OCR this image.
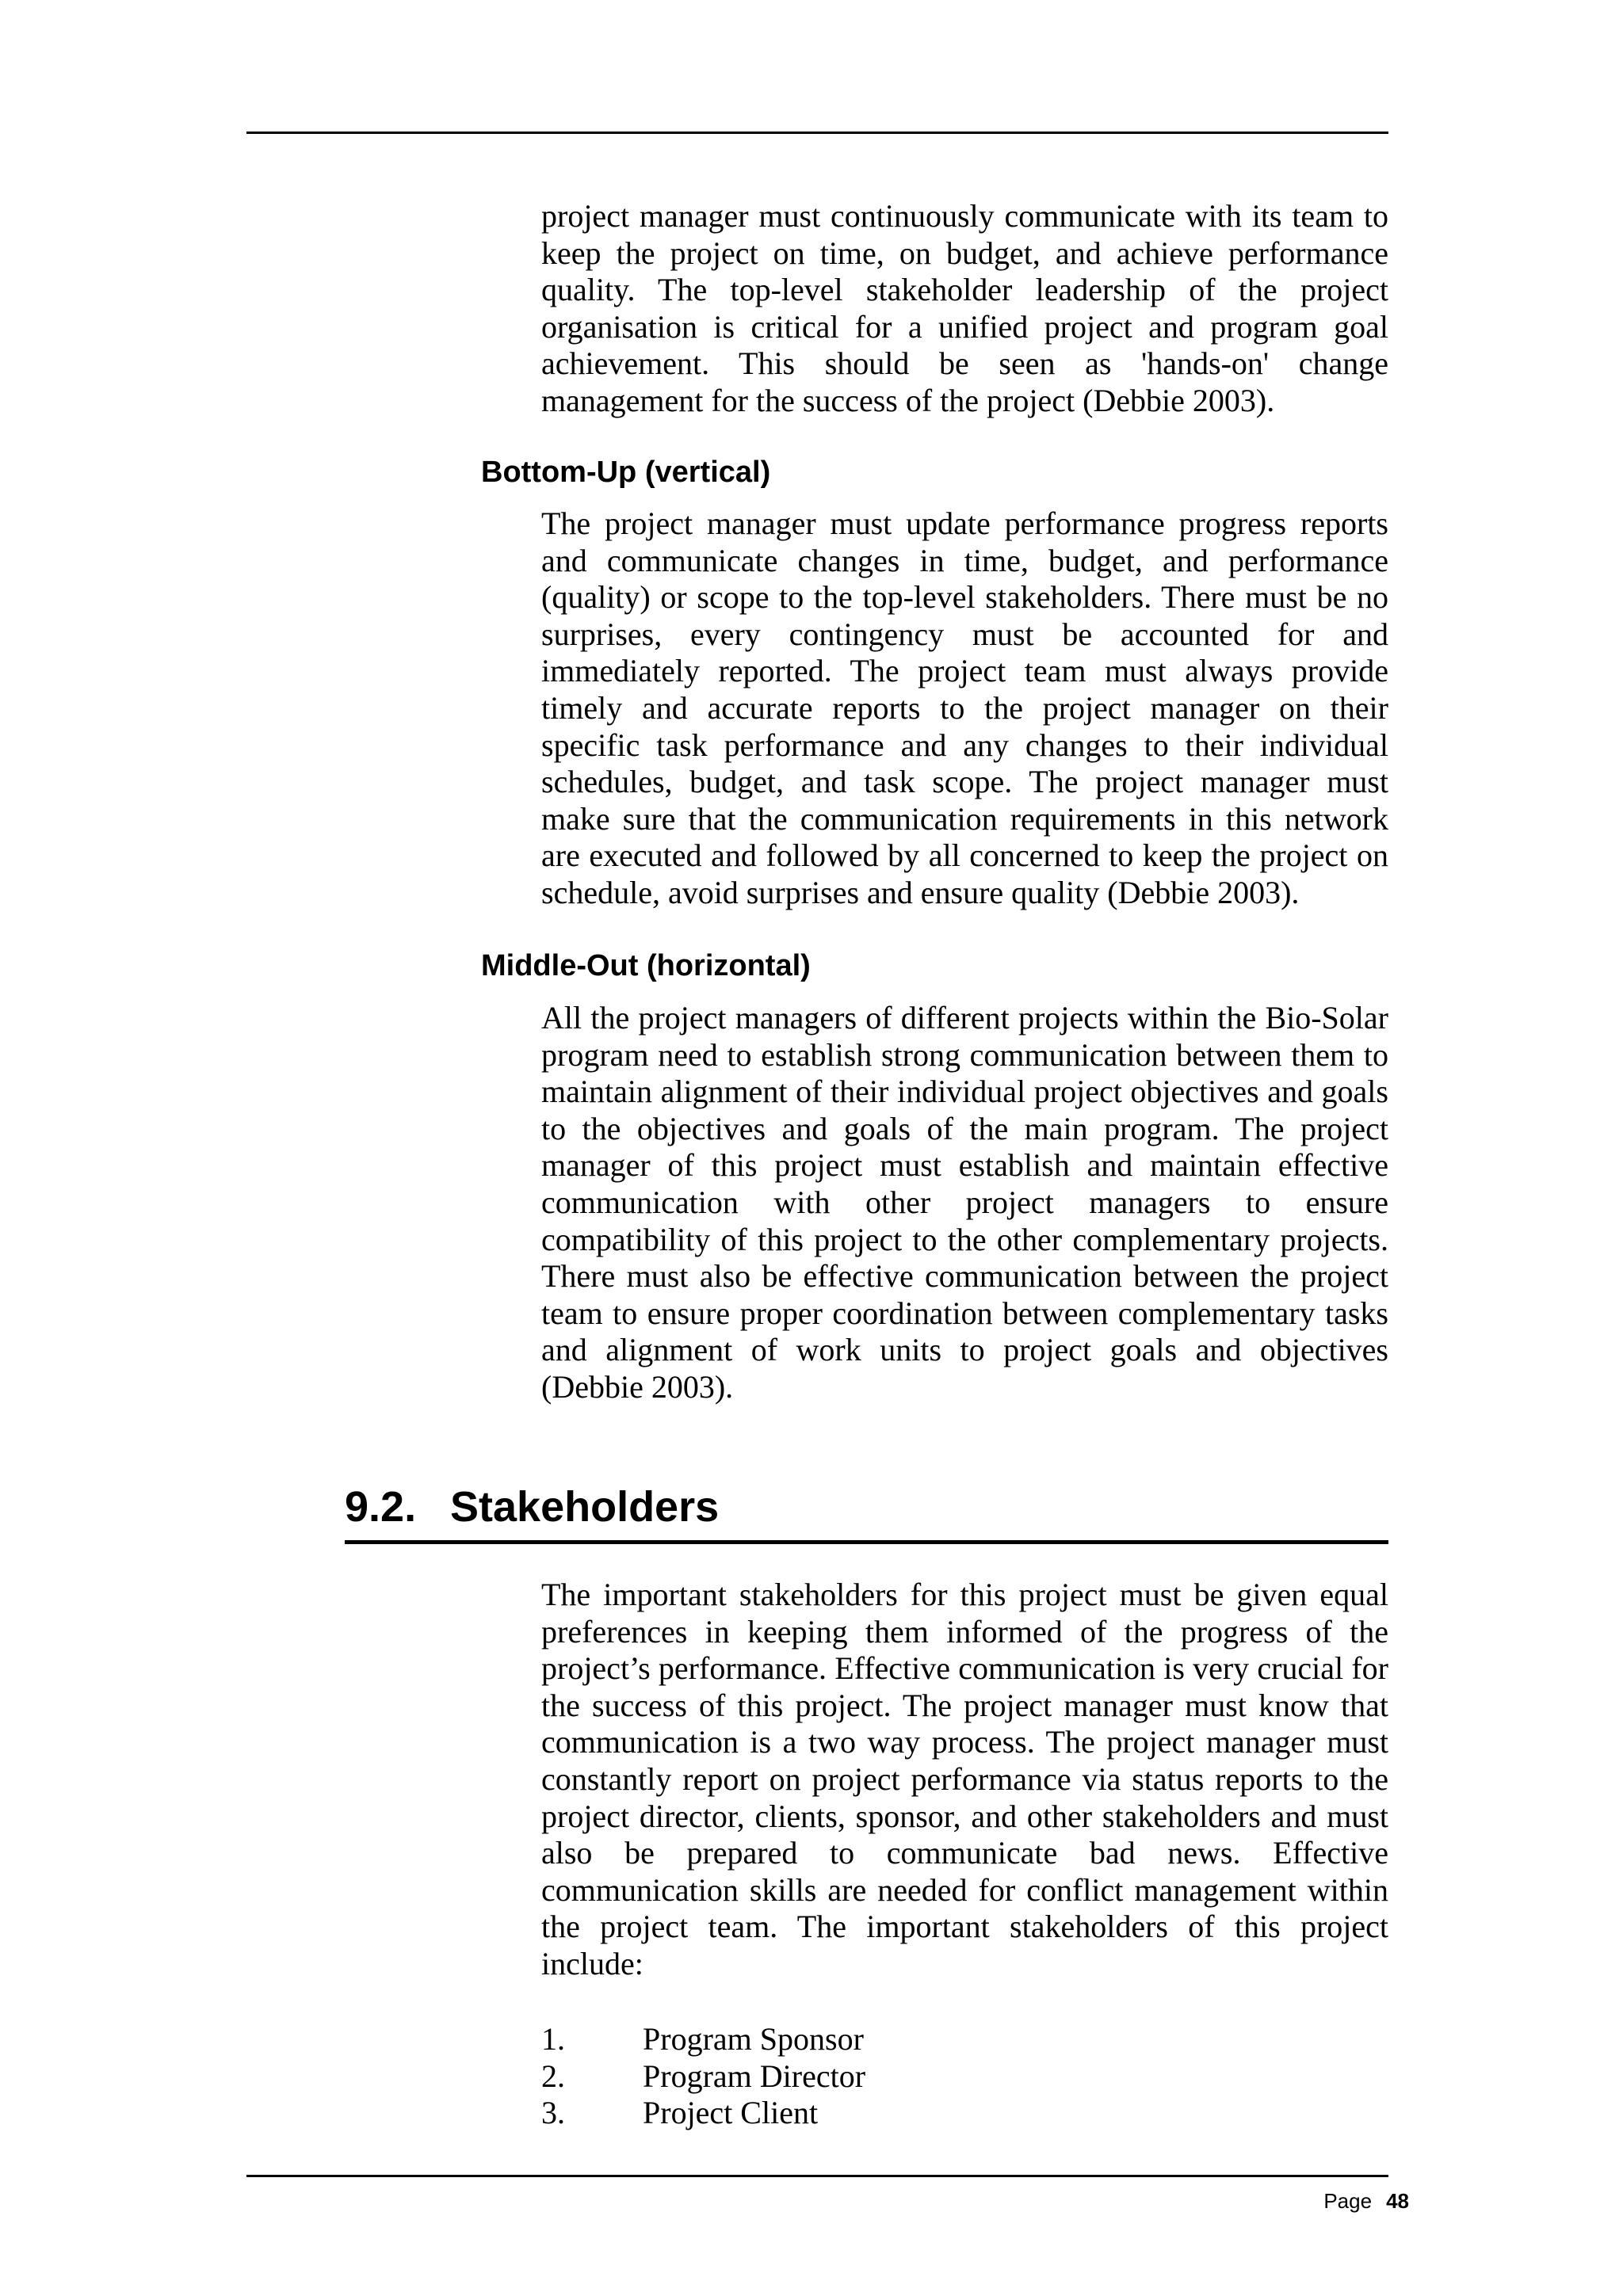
project manager must continuously communicate with its team to keep the project on time, on budget, and achieve performance quality. The top-level stakeholder leadership of the project organisation is critical for a unified project and program goal achievement. This should be seen as 'hands-on' change management for the success of the project (Debbie 2003).

Bottom-Up (vertical)

The project manager must update performance progress reports and communicate changes in time, budget, and performance (quality) or scope to the top-level stakeholders. There must be no surprises, every contingency must be accounted for and immediately reported. The project team must always provide timely and accurate reports to the project manager on their specific task performance and any changes to their individual schedules, budget, and task scope. The project manager must make sure that the communication requirements in this network are executed and followed by all concerned to keep the project on schedule, avoid surprises and ensure quality (Debbie 2003).

Middle-Out (horizontal)

All the project managers of different projects within the Bio-Solar program need to establish strong communication between them to maintain alignment of their individual project objectives and goals to the objectives and goals of the main program. The project manager of this project must establish and maintain effective communication with other project managers to ensure compatibility of this project to the other complementary projects. There must also be effective communication between the project team to ensure proper coordination between complementary tasks and alignment of work units to project goals and objectives (Debbie 2003).

9.2. Stakeholders

The important stakeholders for this project must be given equal preferences in keeping them informed of the progress of the project’s performance. Effective communication is very crucial for the success of this project. The project manager must know that communication is a two way process. The project manager must constantly report on project performance via status reports to the project director, clients, sponsor, and other stakeholders and must also be prepared to communicate bad news. Effective communication skills are needed for conflict management within the project team. The important stakeholders of this project include:

1. Program Sponsor
2. Program Director
3. Project Client
Page 48
